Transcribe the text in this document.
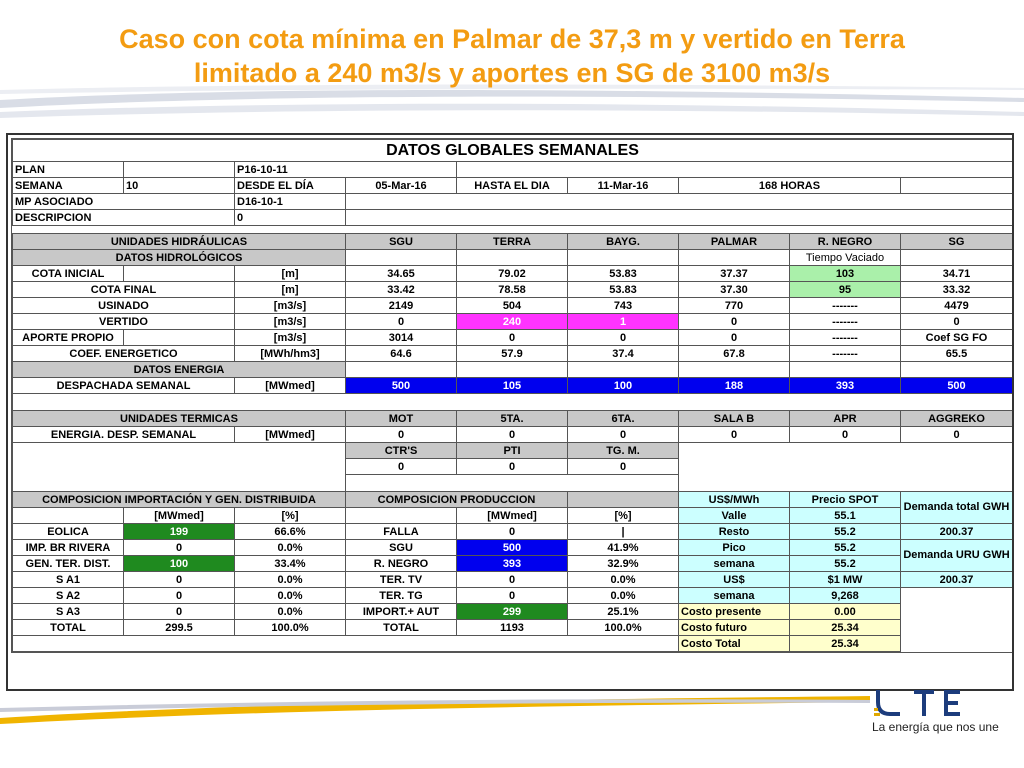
Caso con cota mínima en Palmar de 37,3 m y vertido en Terra
limitado a 240 m3/s y aportes en SG de 3100 m3/s
DATOS GLOBALES SEMANALES								
PLAN		P16-10-11						
SEMANA	10	DESDE EL DÍA	05-Mar-16	HASTA EL DIA	11-Mar-16	168 HORAS		
MP ASOCIADO		D16-10-1						
DESCRIPCION		0						

UNIDADES HIDRÁULICAS			SGU	TERRA	BAYG.	PALMAR	R. NEGRO	SG
DATOS HIDROLÓGICOS							Tiempo Vaciado	
COTA INICIAL		[m]	34.65	79.02	53.83	37.37	103	34.71
COTA FINAL		[m]	33.42	78.58	53.83	37.30	95	33.32
USINADO		[m3/s]	2149	504	743	770	-------	4479
VERTIDO		[m3/s]	0	240	1	0	-------	0
APORTE PROPIO		[m3/s]	3014	0	0	0	-------	Coef SG FO
COEF. ENERGETICO		[MWh/hm3]	64.6	57.9	37.4	67.8	-------	65.5
DATOS ENERGIA								
DESPACHADA SEMANAL		[MWmed]	500	105	100	188	393	500

UNIDADES TERMICAS			MOT	5TA.	6TA.	SALA B	APR	AGGREKO
ENERGIA. DESP. SEMANAL		[MWmed]	0	0	0	0	0	0
			CTR'S	PTI	TG. M.			
			0	0	0			

COMPOSICION IMPORTACIÓN Y GEN. DISTRIBUIDA			COMPOSICION PRODUCCION			US$/MWh	Precio SPOT	Demanda total GWH
	[MWmed]	[%]		[MWmed]	[%]	Valle	55.1	
EOLICA	199	66.6%	FALLA	0	|	Resto	55.2	200.37
IMP. BR RIVERA	0	0.0%	SGU	500	41.9%	Pico	55.2	Demanda URU GWH
GEN. TER. DIST.	100	33.4%	R. NEGRO	393	32.9%	semana	55.2	
S A1	0	0.0%	TER. TV	0	0.0%	US$	$1 MW	200.37
S A2	0	0.0%	TER. TG	0	0.0%	semana	9,268	
S A3	0	0.0%	IMPORT.+ AUT	299	25.1%	Costo presente	0.00	
TOTAL	299.5	100.0%	TOTAL	1193	100.0%	Costo futuro	25.34	
						Costo Total	25.34	
La energía que nos une
